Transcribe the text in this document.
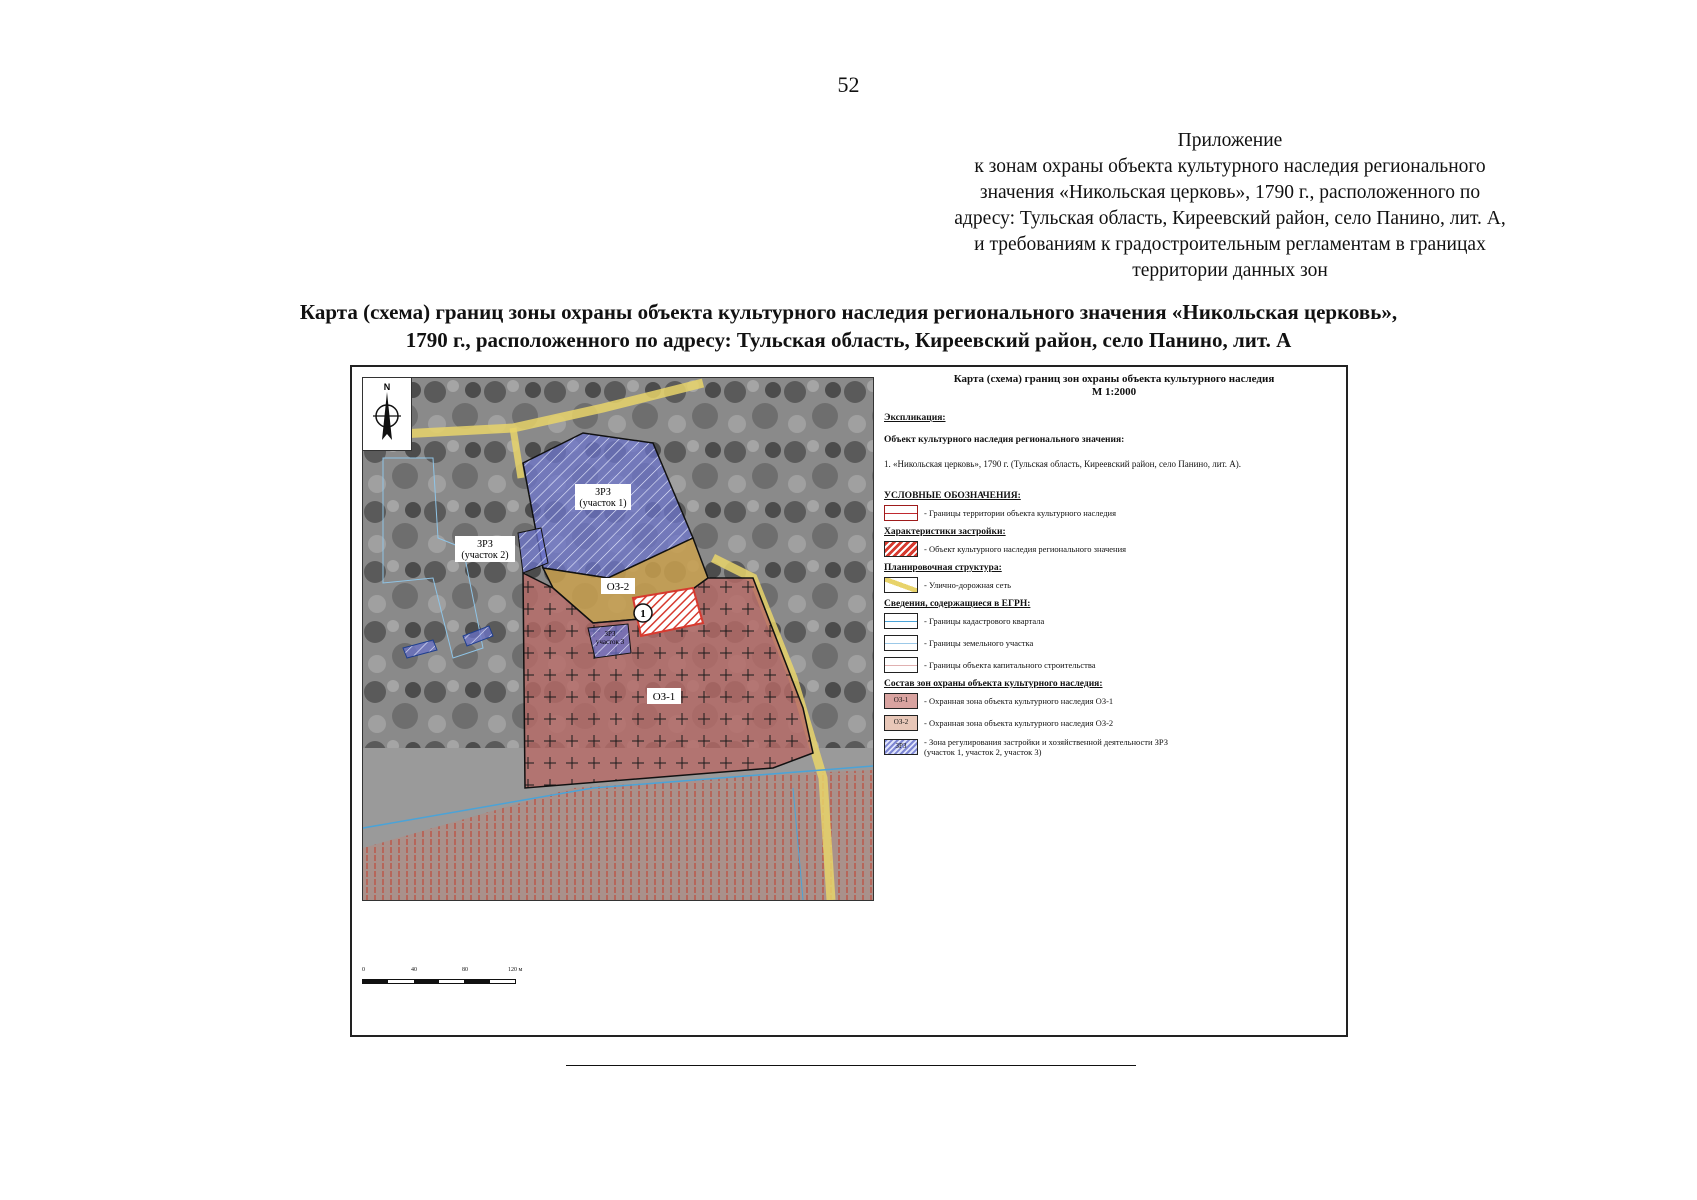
52
Приложение
к зонам охраны объекта культурного наследия регионального
значения «Никольская церковь», 1790 г., расположенного по
адресу: Тульская область, Киреевский район, село Панино, лит. А,
и требованиям к градостроительным регламентам в границах
территории данных зон
Карта (схема) границ зоны охраны объекта культурного наследия регионального значения «Никольская церковь»,
1790 г., расположенного по адресу: Тульская область, Киреевский район, село Панино, лит. А
ЗРЗ
(участок 1)
ЗРЗ
(участок 2)
ЗРЗ
участок 3
ОЗ-2
ОЗ-1
1
N
Карта (схема) границ зон охраны объекта культурного наследия
М 1:2000
Экспликация:
Объект культурного наследия регионального значения:
1. «Никольская церковь», 1790 г. (Тульская область, Киреевский район, село Панино, лит. А).
УСЛОВНЫЕ ОБОЗНАЧЕНИЯ:
- Границы территории объекта культурного наследия
Характеристики застройки:
- Объект культурного наследия регионального значения
Планировочная структура:
- Улично-дорожная сеть
Сведения, содержащиеся в ЕГРН:
- Границы кадастрового квартала
- Границы земельного участка
- Границы объекта капитального строительства
Состав зон охраны объекта культурного наследия:
ОЗ-1	- Охранная зона объекта культурного наследия ОЗ-1
ОЗ-2	- Охранная зона объекта культурного наследия ОЗ-2
ЗРЗ	- Зона регулирования застройки и хозяйственной деятельности ЗРЗ
(участок 1, участок 2, участок 3)
0	40	80	120 м
